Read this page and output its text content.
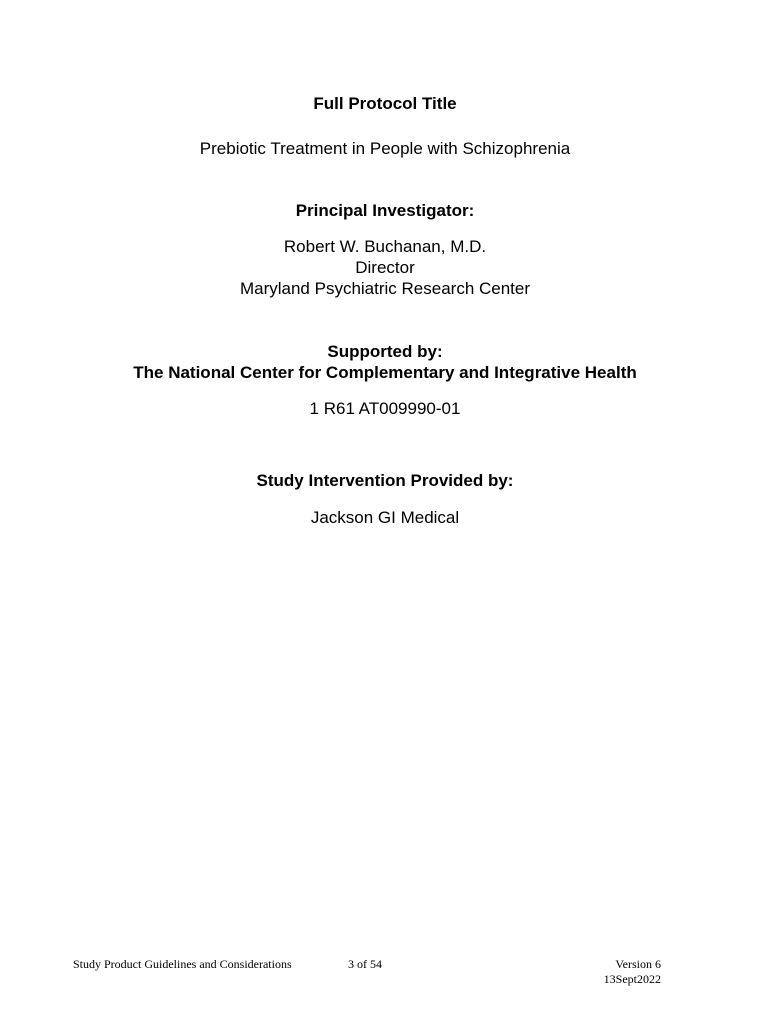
Full Protocol Title
Prebiotic Treatment in People with Schizophrenia
Principal Investigator:
Robert W. Buchanan, M.D.
Director
Maryland Psychiatric Research Center
Supported by:
The National Center for Complementary and Integrative Health
1 R61 AT009990-01
Study Intervention Provided by:
Jackson GI Medical
Study Product Guidelines and Considerations	3 of 54	Version 6
13Sept2022
